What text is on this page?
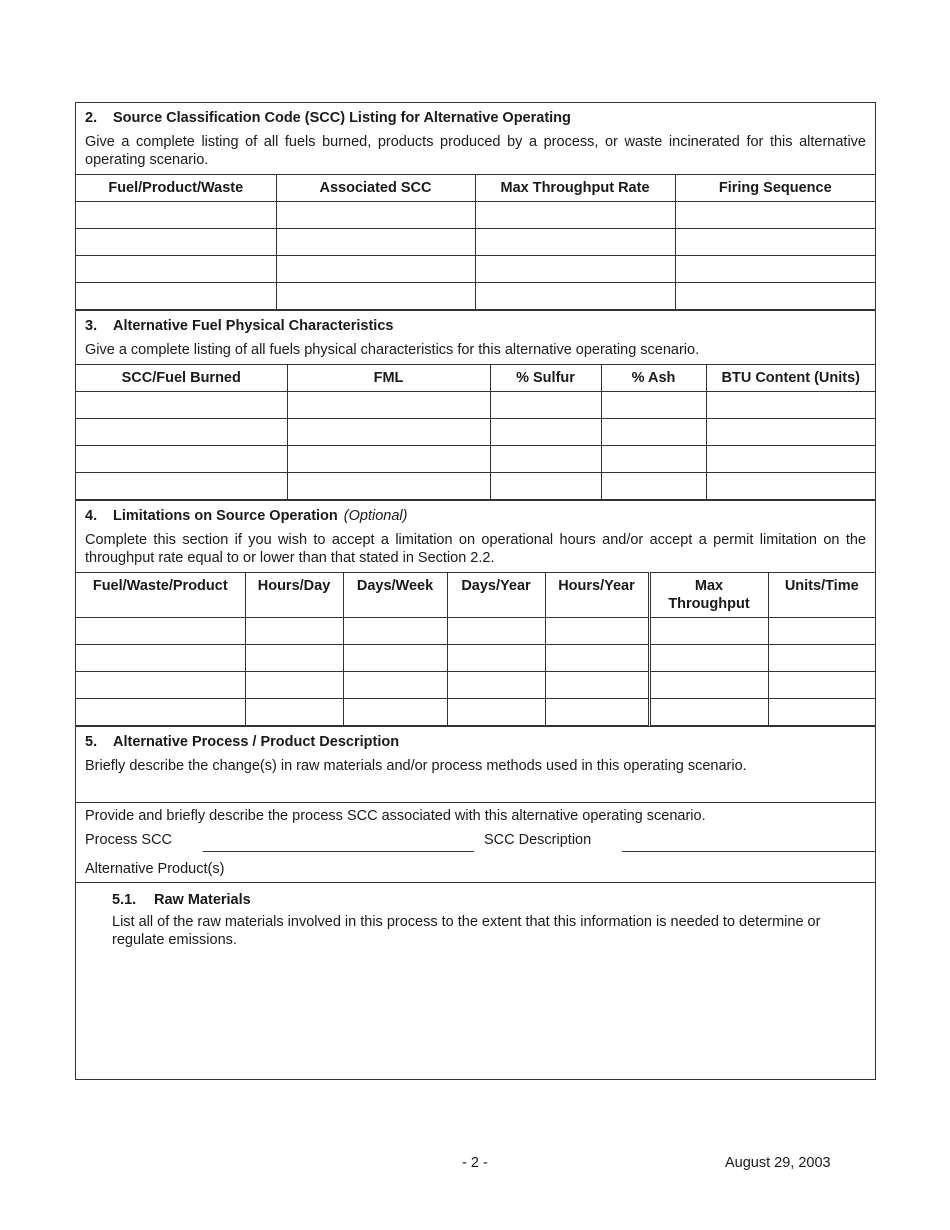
2. Source Classification Code (SCC) Listing for Alternative Operating
Give a complete listing of all fuels burned, products produced by a process, or waste incinerated for this alternative operating scenario.
Fuel/Product/Waste	Associated SCC	Max Throughput Rate	Firing Sequence

3. Alternative Fuel Physical Characteristics
Give a complete listing of all fuels physical characteristics for this alternative operating scenario.
SCC/Fuel Burned	FML	% Sulfur	% Ash	BTU Content (Units)

4. Limitations on Source Operation (Optional)
Complete this section if you wish to accept a limitation on operational hours and/or accept a permit limitation on the throughput rate equal to or lower than that stated in Section 2.2.
Fuel/Waste/Product	Hours/Day	Days/Week	Days/Year	Hours/Year	Max Throughput	Units/Time

5. Alternative Process / Product Description
Briefly describe the change(s) in raw materials and/or process methods used in this operating scenario.
Provide and briefly describe the process SCC associated with this alternative operating scenario.
Process SCC	SCC Description
Alternative Product(s)
5.1. Raw Materials
List all of the raw materials involved in this process to the extent that this information is needed to determine or regulate emissions.
- 2 -	August 29, 2003
